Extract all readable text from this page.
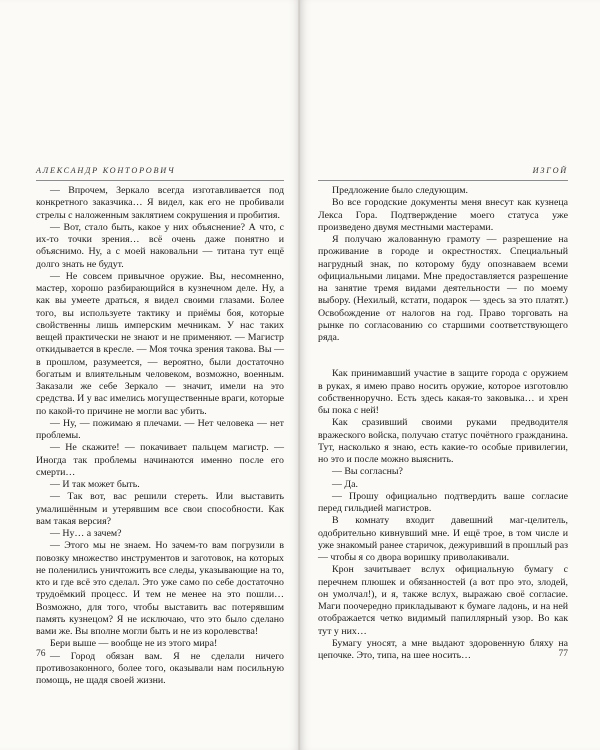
АЛЕКСАНДР КОНТОРОВИЧ

— Впрочем, Зеркало всегда изготавливается под конкретного заказчика… Я видел, как его не пробивали стрелы с наложенным заклятием сокрушения и пробития.

— Вот, стало быть, какое у них объяснение? А что, с их-то точки зрения… всё очень даже понятно и объяснимо. Ну, а с моей наковальни — титана тут ещё долго знать не будут.

— Не совсем привычное оружие. Вы, несомненно, мастер, хорошо разбирающийся в кузнечном деле. Ну, а как вы умеете драться, я видел своими глазами. Более того, вы используете тактику и приёмы боя, которые свойственны лишь имперским мечникам. У нас таких вещей практически не знают и не применяют. — Магистр откидывается в кресле. — Моя точка зрения такова. Вы — в прошлом, разумеется, — вероятно, были достаточно богатым и влиятельным человеком, возможно, военным. Заказали же себе Зеркало — значит, имели на это средства. И у вас имелись могущественные враги, которые по какой-то причине не могли вас убить.

— Ну, — пожимаю я плечами. — Нет человека — нет проблемы.

— Не скажите! — покачивает пальцем магистр. — Иногда так проблемы начинаются именно после его смерти…

— И так может быть.

— Так вот, вас решили стереть. Или выставить умалишённым и утерявшим все свои способности. Как вам такая версия?

— Ну… а зачем?

— Этого мы не знаем. Но зачем-то вам погрузили в повозку множество инструментов и заготовок, на которых не поленились уничтожить все следы, указывающие на то, кто и где всё это сделал. Это уже само по себе достаточно трудоёмкий процесс. И тем не менее на это пошли… Возможно, для того, чтобы выставить вас потерявшим память кузнецом? Я не исключаю, что это было сделано вами же. Вы вполне могли быть и не из королевства!

Бери выше — вообще не из этого мира!

— Город обязан вам. Я не сделали ничего противозаконного, более того, оказывали нам посильную помощь, не щадя своей жизни.

76
ИЗГОЙ

Предложение было следующим.

Во все городские документы меня внесут как кузнеца Лекса Гора. Подтверждение моего статуса уже произведено двумя местными мастерами.

Я получаю жалованную грамоту — разрешение на проживание в городе и окрестностях. Специальный нагрудный знак, по которому буду опознаваем всеми официальными лицами. Мне предоставляется разрешение на занятие тремя видами деятельности — по моему выбору. (Нехилый, кстати, подарок — здесь за это платят.) Освобождение от налогов на год. Право торговать на рынке по согласованию со старшими соответствующего ряда.

Как принимавший участие в защите города с оружием в руках, я имею право носить оружие, которое изготовлю собственноручно. Есть здесь какая-то заковыка… и хрен бы пока с ней!

Как сразивший своими руками предводителя вражеского войска, получаю статус почётного гражданина. Тут, насколько я знаю, есть какие-то особые привилегии, но это и после можно выяснить.

— Вы согласны?

— Да.

— Прошу официально подтвердить ваше согласие перед гильдией магистров.

В комнату входит давешний маг-целитель, одобрительно кивнувший мне. И ещё трое, в том числе и уже знакомый ранее старичок, дежуривший в прошлый раз — чтобы я со двора воришку приволакивали.

Крон зачитывает вслух официальную бумагу с перечнем плюшек и обязанностей (а вот про это, злодей, он умолчал!), и я, также вслух, выражаю своё согласие. Маги поочередно прикладывают к бумаге ладонь, и на ней отображается четко видимый папиллярный узор. Во как тут у них…

Бумагу уносят, а мне выдают здоровенную бляху на цепочке. Это, типа, на шее носить…	77
